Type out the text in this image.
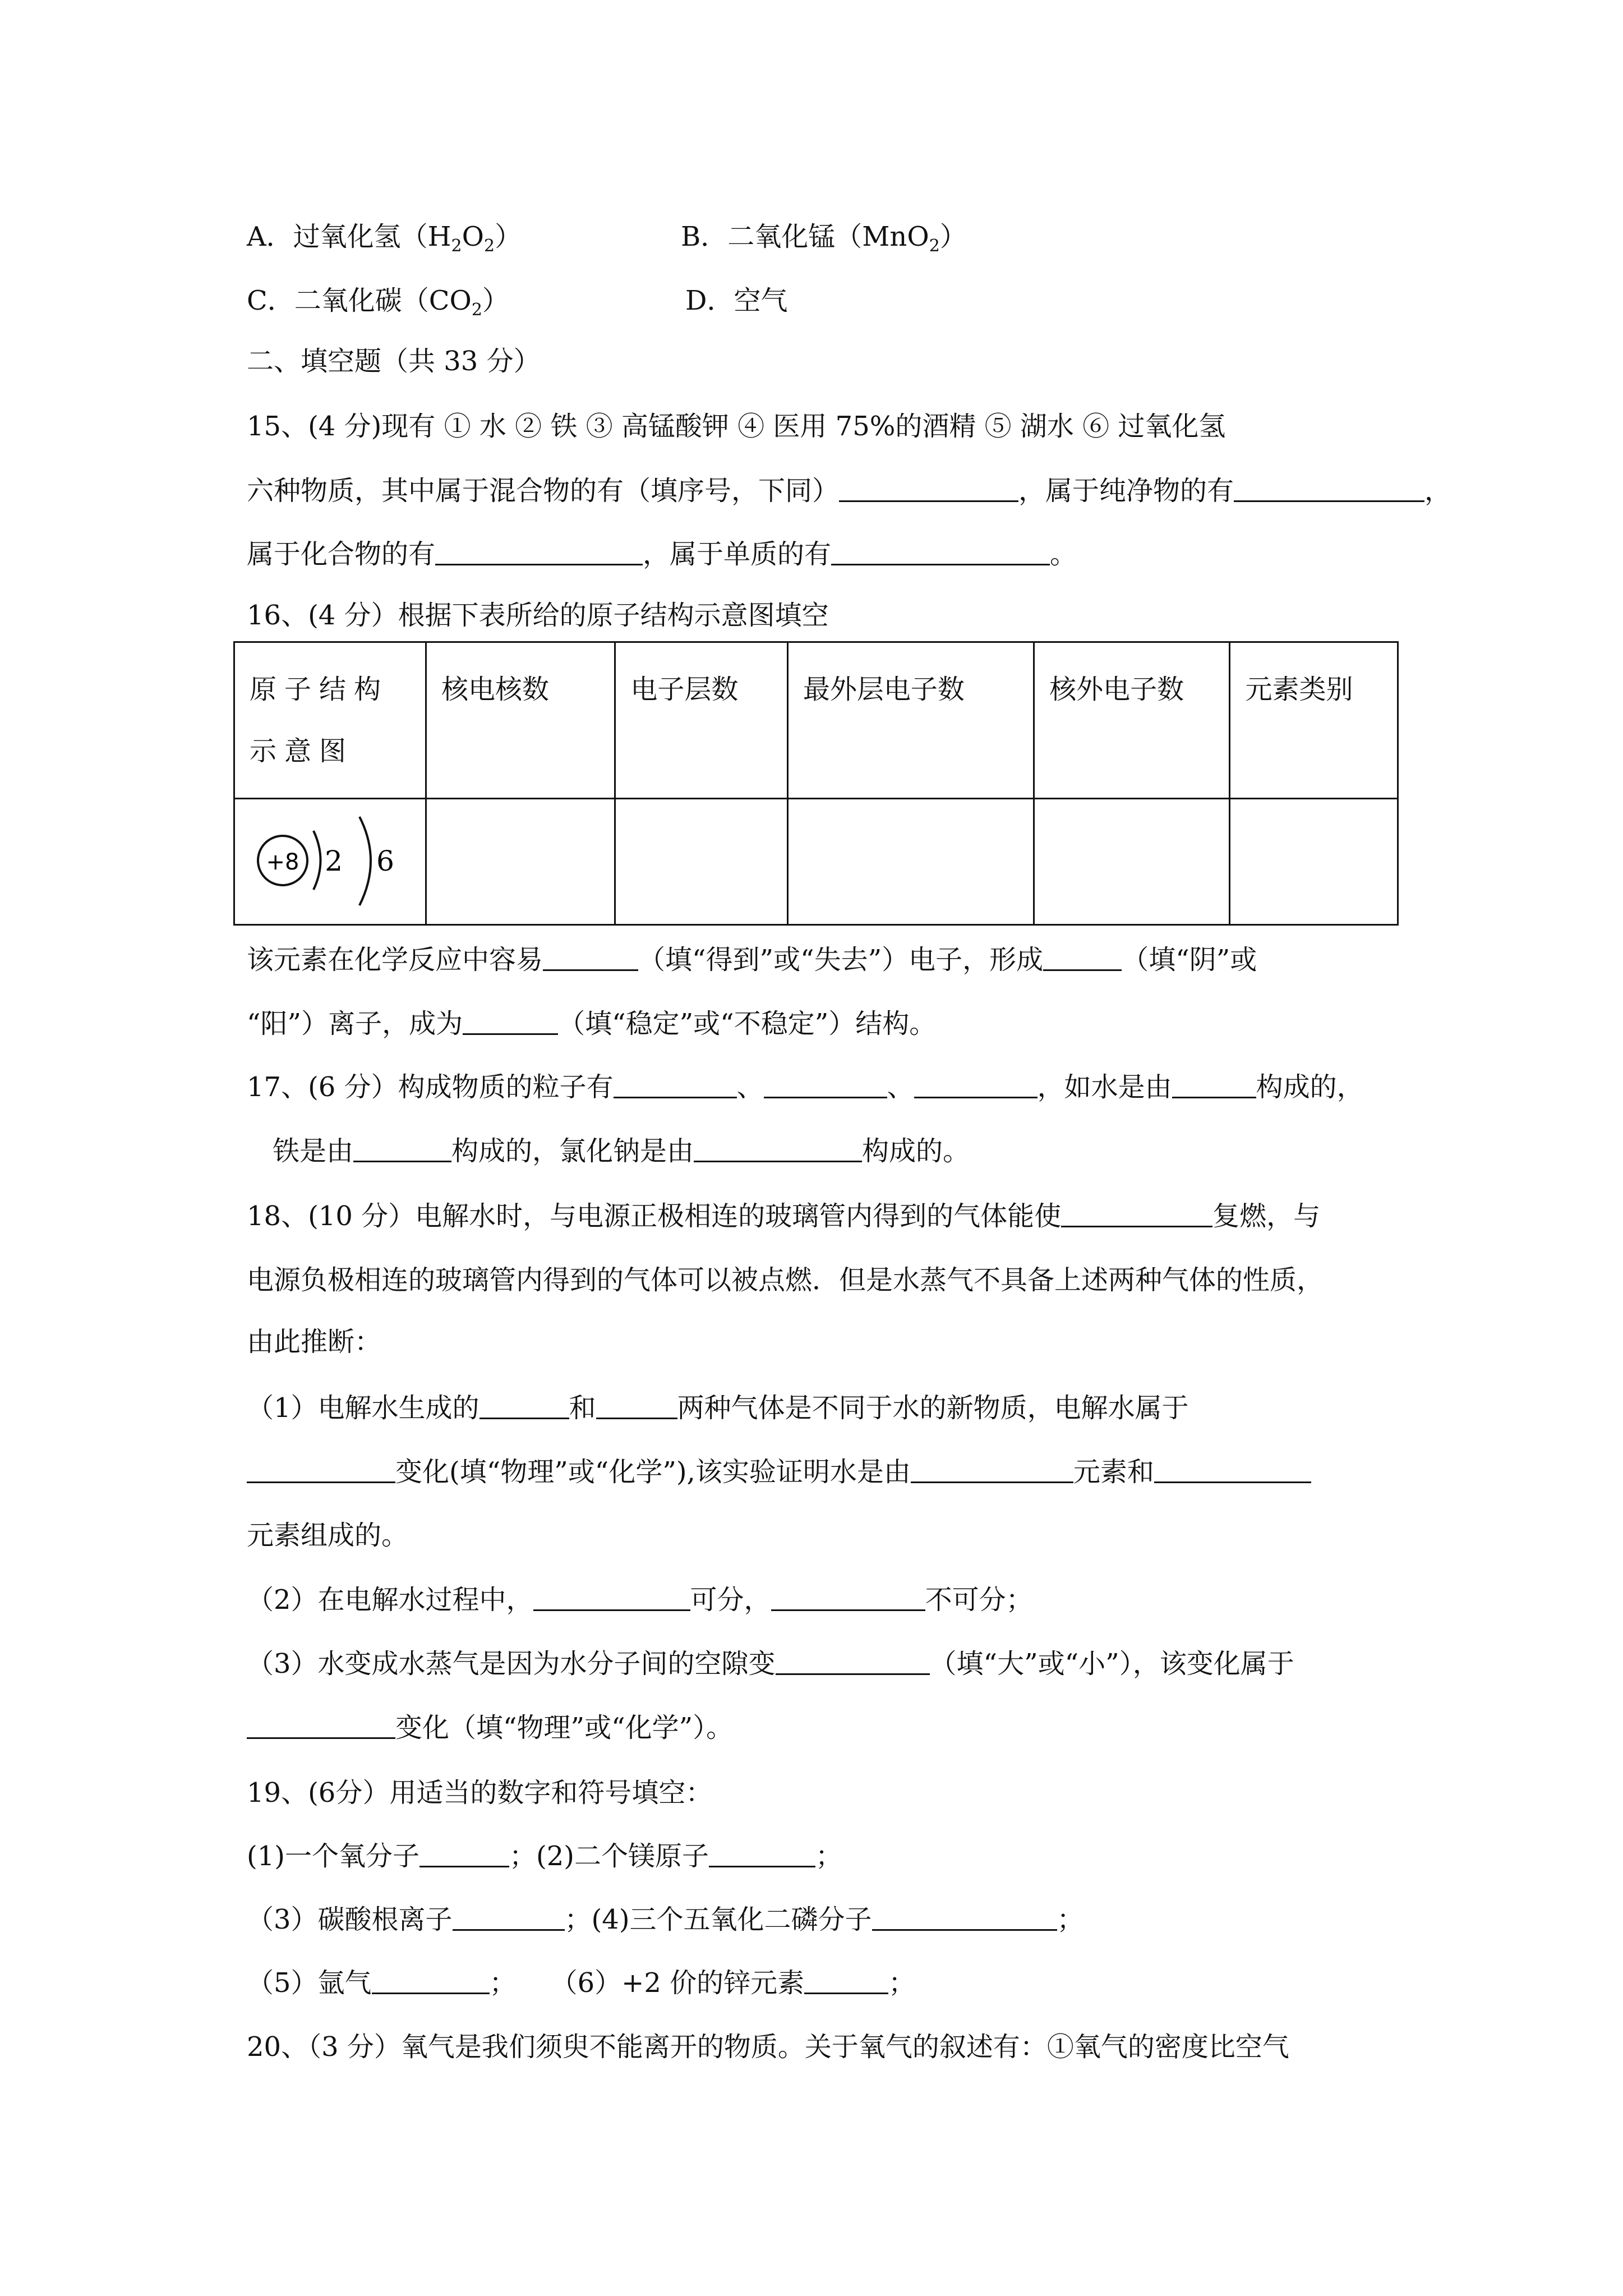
A．过氧化氢$(H_2O_2)$	B．二氧化锰（MnO$_2$）
C．二氧化碳$(CO_2)$	D．空气
二、填空题（共 33 分）
15、(4 分)现有 ① 水 ② 铁 ③ 高锰酸钾 ④ 医用 75%的酒精 ⑤ 湖水 ⑥ 过氧化氢
六种物质，其中属于混合物的有（填序号，下同）	，属于纯净物的有	，
属于化合物的有	，属于单质的有	。
16、(4 分）根据下表所给的原子结构示意图填空
原子结构示意图	核电核数	电子层数	最外层电子数	核外电子数	元素类别

+8 2 6					

该元素在化学反应中容易	（填“得到”或“失去”）电子，形成	（填“阴”或
“阳”）离子，成为	（填“稳定”或“不稳定”）结构。
17、(6 分）构成物质的粒子有	、	、	，如水是由	构成的，
铁是由	构成的，氯化钠是由	构成的。
18、(10 分）电解水时，与电源正极相连的玻璃管内得到的气体能使	复燃，与
电源负极相连的玻璃管内得到的气体可以被点燃．但是水蒸气不具备上述两种气体的性质，
由此推断：
（1）电解水生成的	和	两种气体是不同于水的新物质，电解水属于
变化(填“物理”或“化学”),该实验证明水是由	元素和
元素组成的。
（2）在电解水过程中，	可分，	不可分；
（3）水变成水蒸气是因为水分子间的空隙变	（填“大”或“小”），该变化属于
变化（填“物理”或“化学”）。
19、(6分）用适当的数字和符号填空：
(1)一个氧分子	；(2)二个镁原子	；
（3）碳酸根离子	；(4)三个五氧化二磷分子	；
（5）氩气	；    （6）+2 价的锌元素	；
20、（3 分）氧气是我们须臾不能离开的物质。关于氧气的叙述有：①氧气的密度比空气
